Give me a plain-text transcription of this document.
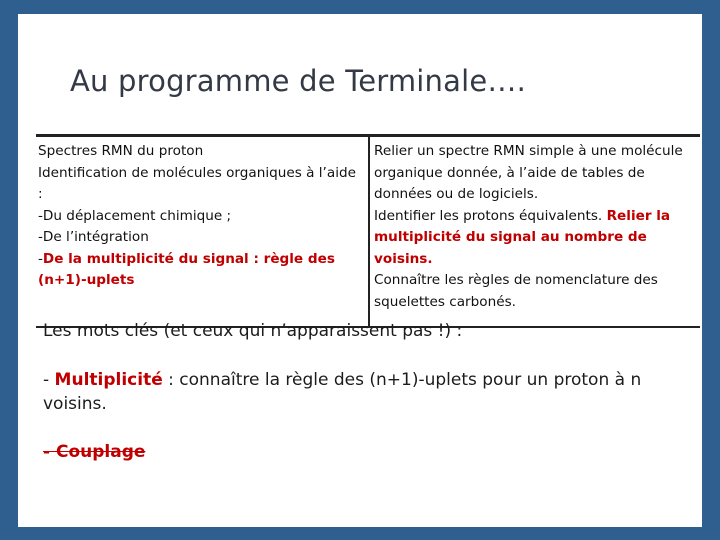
Au programme de Terminale….

Spectres RMN du proton

Identification de molécules organiques à l’aide :

-Du déplacement chimique ;

-De l’intégration

-De la multiplicité du signal : règle des (n+1)-uplets

Relier un spectre RMN simple à une molécule organique donnée, à l’aide de tables de données ou de logiciels.

Identifier les protons équivalents. Relier la multiplicité du signal au nombre de voisins.

Connaître les règles de nomenclature des squelettes carbonés.

Les mots clés (et ceux qui n’apparaissent pas !) :
- Multiplicité : connaître la règle des (n+1)-uplets pour un proton à n voisins.
- Couplage
